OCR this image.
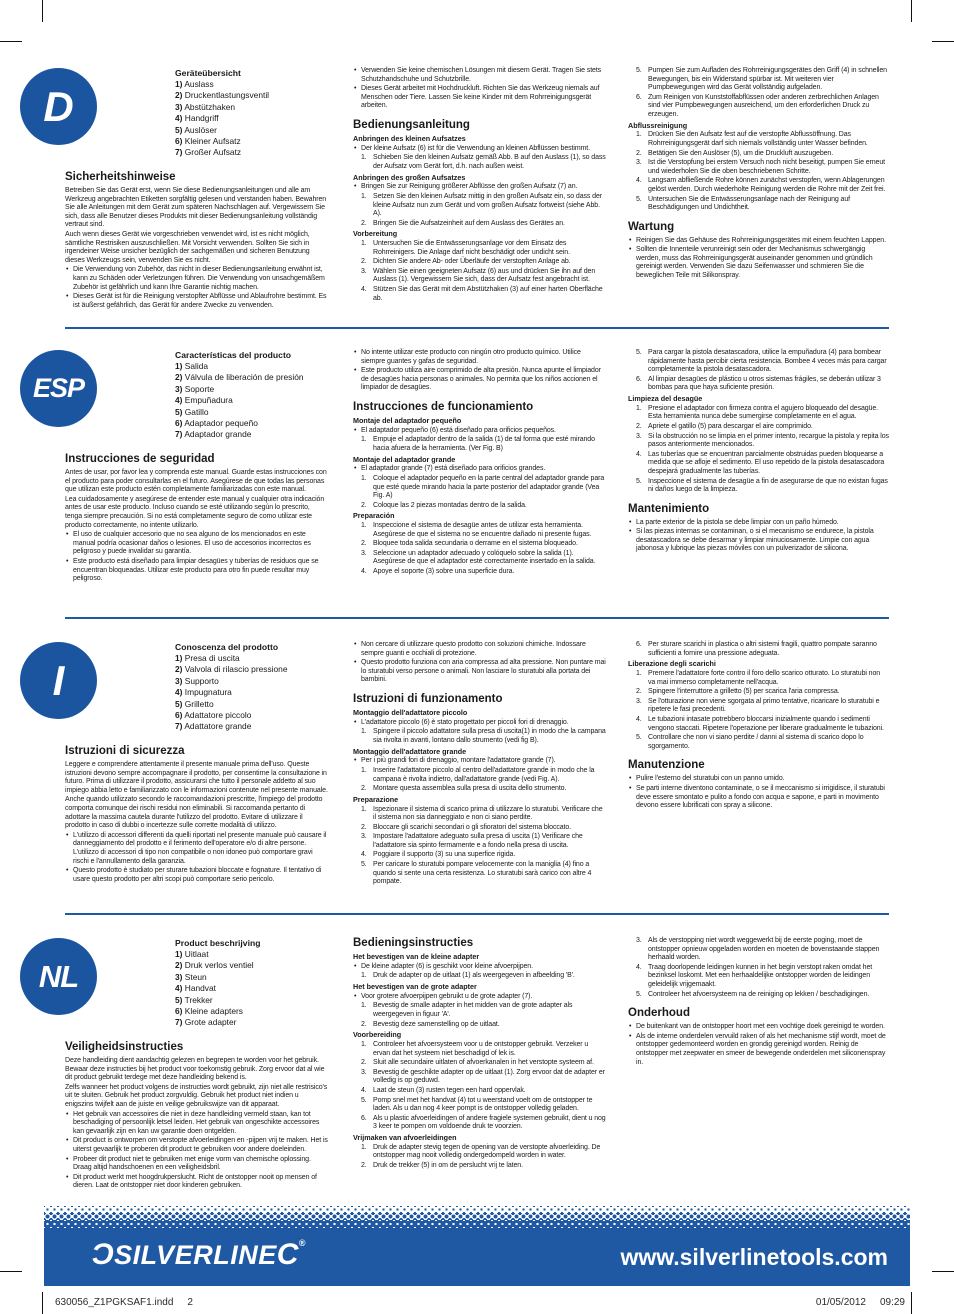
D
Geräteübersicht
1) Auslass
2) Druckentlastungsventil
3) Abstützhaken
4) Handgriff
5) Auslöser
6) Kleiner Aufsatz
7) Großer Aufsatz
Sicherheitshinweise
Betreiben Sie das Gerät erst, wenn Sie diese Bedienungsanleitungen und alle am Werkzeug angebrachten Etiketten sorgfältig gelesen und verstanden haben. Bewahren Sie alle Anleitungen mit dem Gerät zum späteren Nachschlagen auf. Vergewissern Sie sich, dass alle Benutzer dieses Produkts mit dieser Bedienungsanleitung vollständig vertraut sind.
Auch wenn dieses Gerät wie vorgeschrieben verwendet wird, ist es nicht möglich, sämtliche Restrisiken auszuschließen. Mit Vorsicht verwenden. Sollten Sie sich in irgendeiner Weise unsicher bezüglich der sachgemäßen und sicheren Benutzung dieses Werkzeugs sein, verwenden Sie es nicht.
• Die Verwendung von Zubehör, das nicht in dieser Bedienungsanleitung erwähnt ist, kann zu Schäden oder Verletzungen führen. Die Verwendung von unsachgemäßem Zubehör ist gefährlich und kann Ihre Garantie nichtig machen.
• Dieses Gerät ist für die Reinigung verstopfter Abflüsse und Ablaufrohre bestimmt. Es ist äußerst gefährlich, das Gerät für andere Zwecke zu verwenden.
• Verwenden Sie keine chemischen Lösungen mit diesem Gerät. Tragen Sie stets Schutzhandschuhe und Schutzbrille.
• Dieses Gerät arbeitet mit Hochdruckluft. Richten Sie das Werkzeug niemals auf Menschen oder Tiere. Lassen Sie keine Kinder mit dem Rohrreinigungsgerät arbeiten.
Bedienungsanleitung
Anbringen des kleinen Aufsatzes
• Der kleine Aufsatz (6) ist für die Verwendung an kleinen Abflüssen bestimmt.
1. Schieben Sie den kleinen Aufsatz gemäß Abb. B auf den Auslass (1), so dass der Aufsatz vom Gerät fort, d.h. nach außen weist.
Anbringen des großen Aufsatzes
• Bringen Sie zur Reinigung größerer Abflüsse den großen Aufsatz (7) an.
1. Setzen Sie den kleinen Aufsatz mittig in den großen Aufsatz ein, so dass der kleine Aufsatz nun zum Gerät und vom großen Aufsatz fortweist (siehe Abb. A).
2. Bringen Sie die Aufsatzeinheit auf dem Auslass des Gerätes an.
Vorbereitung
1. Untersuchen Sie die Entwässerungsanlage vor dem Einsatz des Rohrreinigers. Die Anlage darf nicht beschädigt oder undicht sein.
2. Dichten Sie andere Ab- oder Überläufe der verstopften Anlage ab.
3. Wählen Sie einen geeigneten Aufsatz (6) aus und drücken Sie ihn auf den Auslass (1). Vergewissern Sie sich, dass der Aufsatz fest angebracht ist.
4. Stützen Sie das Gerät mit dem Abstützhaken (3) auf einer harten Oberfläche ab.
5. Pumpen Sie zum Aufladen des Rohrreinigungsgerätes den Griff (4) in schnellen Bewegungen, bis ein Widerstand spürbar ist. Mit weiteren vier Pumpbewegungen wird das Gerät vollständig aufgeladen.
6. Zum Reinigen von Kunststoffabflüssen oder anderen zerbrechlichen Anlagen sind vier Pumpbewegungen ausreichend, um den erforderlichen Druck zu erzeugen.
Abflussreinigung
1. Drücken Sie den Aufsatz fest auf die verstopfte Abflussöffnung. Das Rohrreinigungsgerät darf sich niemals vollständig unter Wasser befinden.
2. Betätigen Sie den Auslöser (5), um die Druckluft auszugeben.
3. Ist die Verstopfung bei erstem Versuch noch nicht beseitigt, pumpen Sie erneut und wiederholen Sie die oben beschriebenen Schritte.
4. Langsam abfließende Rohre können zunächst verstopfen, wenn Ablagerungen gelöst werden. Durch wiederholte Reinigung werden die Rohre mit der Zeit frei.
5. Untersuchen Sie die Entwässerungsanlage nach der Reinigung auf Beschädigungen und Undichtheit.
Wartung
• Reinigen Sie das Gehäuse des Rohrreinigungsgerätes mit einem feuchten Lappen.
• Sollten die Innenteile verunreinigt sein oder der Mechanismus schwergängig werden, muss das Rohrreinigungsgerät auseinander genommen und gründlich gereinigt werden. Verwenden Sie dazu Seifenwasser und schmieren Sie die beweglichen Teile mit Silikonspray.
ESP
Características del producto
1) Salida
2) Válvula de liberación de presión
3) Soporte
4) Empuñadura
5) Gatillo
6) Adaptador pequeño
7) Adaptador grande
Instrucciones de seguridad
Antes de usar, por favor lea y comprenda este manual. Guarde estas instrucciones con el producto para poder consultarlas en el futuro. Asegúrese de que todas las personas que utilizan este producto estén completamente familiarizadas con este manual.
Lea cuidadosamente y asegúrese de entender este manual y cualquier otra indicación antes de usar este producto. Incluso cuando se esté utilizando según lo prescrito, tenga siempre precaución. Si no está completamente seguro de como utilizar este producto correctamente, no intente utilizarlo.
• El uso de cualquier accesorio que no sea alguno de los mencionados en este manual podría ocasionar daños o lesiones. El uso de accesorios incorrectos es peligroso y puede invalidar su garantía.
• Este producto está diseñado para limpiar desagües y tuberías de residuos que se encuentran bloqueadas. Utilizar este producto para otro fin puede resultar muy peligroso.
• No intente utilizar este producto con ningún otro producto químico. Utilice siempre guantes y gafas de seguridad.
• Este producto utiliza aire comprimido de alta presión. Nunca apunte el limpiador de desagües hacia personas o animales. No permita que los niños accionen el limpiador de desagües.
Instrucciones de funcionamiento
Montaje del adaptador pequeño
• El adaptador pequeño (6) está diseñado para orificios pequeños.
1. Empuje el adaptador dentro de la salida (1) de tal forma que esté mirando hacia afuera de la herramienta. (Ver Fig. B)
Montaje del adaptador grande
• El adaptador grande (7) está diseñado para orificios grandes.
1. Coloque el adaptador pequeño en la parte central del adaptador grande para que esté quede mirando hacia la parte posterior del adaptador grande (Vea Fig. A)
2. Coloque las 2 piezas montadas dentro de la salida.
Preparación
1. Inspeccione el sistema de desagüe antes de utilizar esta herramienta. Asegúrese de que el sistema no se encuentre dañado ni presente fugas.
2. Bloquee toda salida secundaria o derrame en el sistema bloqueado.
3. Seleccione un adaptador adecuado y colóquelo sobre la salida (1). Asegúrese de que el adaptador esté correctamente insertado en la salida.
4. Apoye el soporte (3) sobre una superficie dura.
5. Para cargar la pistola desatascadora, utilice la empuñadura (4) para bombear rápidamente hasta percibir cierta resistencia. Bombee 4 veces más para cargar completamente la pistola desatascadora.
6. Al limpiar desagües de plástico u otros sistemas frágiles, se deberán utilizar 3 bombas para que haya suficiente presión.
Limpieza del desagüe
1. Presione el adaptador con firmeza contra el agujero bloqueado del desagüe. Esta herramienta nunca debe sumergirse completamente en el agua.
2. Apriete el gatillo (5) para descargar el aire comprimido.
3. Si la obstrucción no se limpia en el primer intento, recargue la pistola y repita los pasos anteriormente mencionados.
4. Las tuberías que se encuentran parcialmente obstruidas pueden bloquearse a medida que se afloje el sedimento. El uso repetido de la pistola desatascadora despejará gradualmente las tuberías.
5. Inspeccione el sistema de desagüe a fin de asegurarse de que no existan fugas ni daños luego de la limpieza.
Mantenimiento
• La parte exterior de la pistola se debe limpiar con un paño húmedo.
• Si las piezas internas se contaminan, o si el mecanismo se endurece, la pistola desatascadora se debe desarmar y limpiar minuciosamente. Limpie con agua jabonosa y lubrique las piezas móviles con un pulverizador de silicona.
I
Conoscenza del prodotto
1) Presa di uscita
2) Valvola di rilascio pressione
3) Supporto
4) Impugnatura
5) Grilletto
6) Adattatore piccolo
7) Adattatore grande
Istruzioni di sicurezza
Leggere e comprendere attentamente il presente manuale prima dell'uso. Queste istruzioni devono sempre accompagnare il prodotto, per consentirne la consultazione in futuro. Prima di utilizzare il prodotto, assicurarsi che tutto il personale addetto al suo impiego abbia letto e familiarizzato con le informazioni contenute nel presente manuale.
Anche quando utilizzato secondo le raccomandazioni prescritte, l'impiego del prodotto comporta comunque dei rischi residui non eliminabili. Si raccomanda pertanto di adottare la massima cautela durante l'utilizzo del prodotto. Evitare di utilizzare il prodotto in caso di dubbi o incertezze sulle corrette modalità di utilizzo.
• L'utilizzo di accessori differenti da quelli riportati nel presente manuale può causare il danneggiamento del prodotto e il ferimento dell'operatore e/o di altre persone. L'utilizzo di accessori di tipo non compatibile o non idoneo può comportare gravi rischi e l'annullamento della garanzia.
• Questo prodotto è studiato per sturare tubazioni bloccate e fognature. Il tentativo di usare questo prodotto per altri scopi può comportare serio pericolo.
• Non cercare di utilizzare questo prodotto con soluzioni chimiche. Indossare sempre guanti e occhiali di protezione.
• Questo prodotto funziona con aria compressa ad alta pressione. Non puntare mai lo sturatubi verso persone o animali. Non lasciare lo sturatubi alla portata dei bambini.
Istruzioni di funzionamento
Montaggio dell'adattatore piccolo
• L'adattatore piccolo (6) è stato progettato per piccoli fori di drenaggio.
1. Spingere il piccolo adattatore sulla presa di uscita(1) in modo che la campana sia rivolta in avanti, lontano dallo strumento (vedi fig B).
Montaggio dell'adattatore grande
• Per i più grandi fori di drenaggio, montare l'adattatore grande (7).
1. Inserire l'adattatore piccolo al centro dell'adattatore grande in modo che la campana è rivolta indietro, dall'adattatore grande (vedi Fig. A).
2. Montare questa assemblea sulla presa di uscita dello strumento.
Preparazione
1. Ispezionare il sistema di scarico prima di utilizzare lo sturatubi. Verificare che il sistema non sia danneggiato e non ci siano perdite.
2. Bloccare gli scarichi secondari o gli sfioratori del sistema bloccato.
3. Impostare l'adattatore adeguato sulla presa di uscita (1) Verificare che l'adattatore sia spinto fermamente e a fondo nella presa di uscita.
4. Poggiare il supporto (3) su una superfice rigida.
5. Per caricare lo sturatubi pompare velocemente con la maniglia (4) fino a quando si sente una certa resistenza. Lo sturatubi sarà carico con altre 4 pompate.
6. Per sturare scarichi in plastica o altri sistemi fragili, quattro pompate saranno sufficienti a fornire una pressione adeguata.
Liberazione degli scarichi
1. Premere l'adattatore forte contro il foro dello scarico otturato. Lo sturatubi non va mai immerso completamente nell'acqua.
2. Spingere l'interruttore a grilletto (5) per scarica l'aria compressa.
3. Se l'otturazione non viene sgorgata al primo tentative, ricaricare lo sturatubi e ripetere le fasi precedenti.
4. Le tubazioni intasate potrebbero bloccarsi inizialmente quando i sedimenti vengono staccati. Ripetere l'operazione per liberare gradualmente le tubazioni.
5. Controllare che non vi siano perdite / danni al sistema di scarico dopo lo sgorgamento.
Manutenzione
• Pulire l'esterno del sturatubi con un panno umido.
• Se parti interne diventono contaminate, o se il meccanismo si irrigidisce, il sturatubi deve essere smontato e pulito a fondo con acqua e sapone, e parti in movimento devono essere lubrificati con spray a silicone.
NL
Product beschrijving
1) Uitlaat
2) Druk verlos ventiel
3) Steun
4) Handvat
5) Trekker
6) Kleine adapters
7) Grote adapter
Veiligheidsinstructies
Deze handleiding dient aandachtig gelezen en begrepen te worden voor het gebruik. Bewaar deze instructies bij het product voor toekomstig gebruik. Zorg ervoor dat al wie dit product gebruikt terdege met deze handleiding bekend is.
Zelfs wanneer het product volgens de instructies wordt gebruikt, zijn niet alle restrisico's uit te sluiten. Gebruik het product zorgvuldig. Gebruik het product niet indien u enigszins twijfelt aan de juiste en veilige gebruikswijze van dit apparaat.
• Het gebruik van accessoires die niet in deze handleiding vermeld staan, kan tot beschadiging of persoonlijk letsel leiden. Het gebruik van ongeschikte accessoires kan gevaarlijk zijn en kan uw garantie doen ontgelden.
• Dit product is ontworpen om verstopte afvoerleidingen en -pijpen vrij te maken. Het is uiterst gevaarlijk te proberen dit product te gebruiken voor andere doeleinden.
• Probeer dit product niet te gebruiken met enige vorm van chemische oplossing. Draag altijd handschoenen en een veiligheidsbril.
• Dit product werkt met hoogdrukperslucht. Richt de ontstopper nooit op mensen of dieren. Laat de ontstopper niet door kinderen gebruiken.
Bedieningsinstructies
Het bevestigen van de kleine adapter
• De kleine adapter (6) is geschikt voor kleine afvoerpijpen.
1. Druk de adapter op de uitlaat (1) als weergegeven in afbeelding 'B'.
Het bevestigen van de grote adapter
• Voor grotere afvoerpijpen gebruikt u de grote adapter (7).
1. Bevestig de smalle adapter in het midden van de grote adapter als weergegeven in figuur 'A'.
2. Bevestig deze samenstelling op de uitlaat.
Voorbereiding
1. Controleer het afvoersysteem voor u de ontstopper gebruikt. Verzeker u ervan dat het systeem niet beschadigd of lek is.
2. Sluit alle secundaire uitlaten of afvoerkanalen in het verstopte systeem af.
3. Bevestig de geschikte adapter op de uitlaat (1). Zorg ervoor dat de adapter er volledig is op geduwd.
4. Laat de steun (3) rusten tegen een hard oppervlak.
5. Pomp snel met het handvat (4) tot u weerstand voelt om de ontstopper te laden. Als u dan nog 4 keer pompt is de ontstopper volledig geladen.
6. Als u plastic afvoerleidingen of andere fragiele systemen gebruikt, dient u nog 3 keer te pompen om voldoende druk te voorzien.
Vrijmaken van afvoerleidingen
1. Druk de adapter stevig tegen de opening van de verstopte afvoerleiding. De ontstopper mag nooit volledig ondergedompeld worden in water.
2. Druk de trekker (5) in om de perslucht vrij te laten.
3. Als de verstopping niet wordt weggewerkt bij de eerste poging, moet de ontstopper opnieuw opgeladen worden en moeten de bovenstaande stappen herhaald worden.
4. Traag doorlopende leidingen kunnen in het begin verstopt raken omdat het bezinksel loskomt. Met een herhaaldelijke ontstopper worden de leidingen geleidelijk vrijgemaakt.
5. Controleer het afvoersysteem na de reiniging op lekken / beschadigingen.
Onderhoud
• De buitenkant van de ontstopper hoort met een vochtige doek gereinigd te worden.
• Als de interne onderdelen vervuild raken of als het mechanisme stijf wordt, moet de ontstopper gedemonteerd worden en grondig gereinigd worden. Reinig de ontstopper met zeepwater en smeer de bewegende onderdelen met siliconenspray in.
ƆSILVERLINEC®
www.silverlinetools.com
630056_Z1PGKSAF1.indd 2	01/05/2012 09:29
